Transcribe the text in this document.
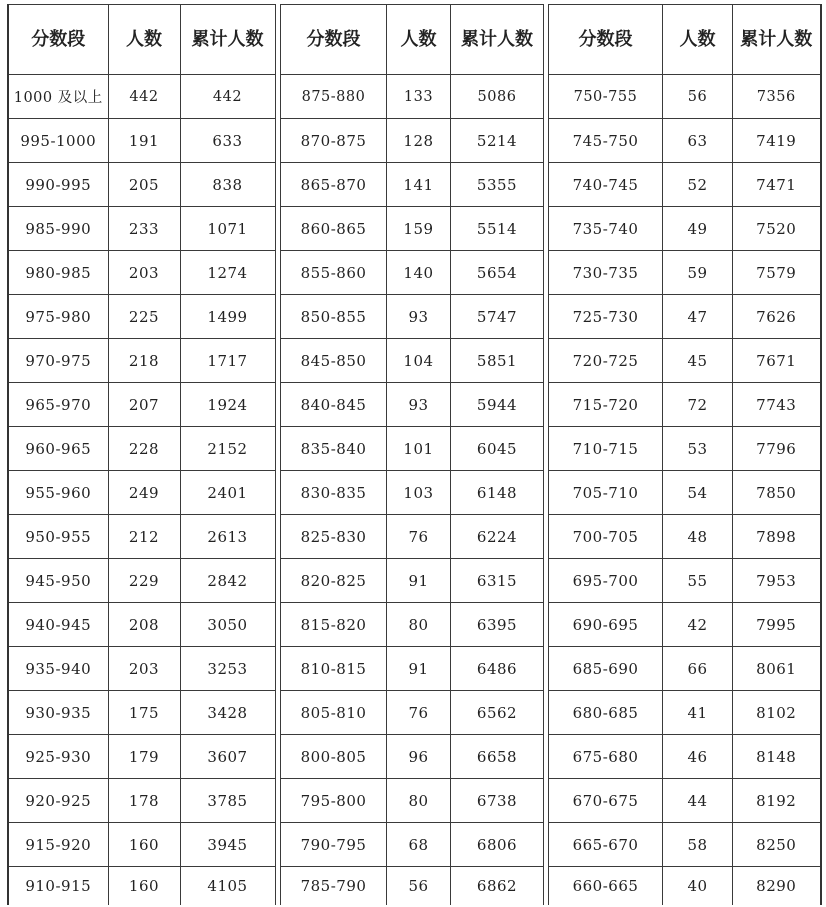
分数段	人数	累计人数
1000 及以上	442	442
995-1000	191	633
990-995	205	838
985-990	233	1071
980-985	203	1274
975-980	225	1499
970-975	218	1717
965-970	207	1924
960-965	228	2152
955-960	249	2401
950-955	212	2613
945-950	229	2842
940-945	208	3050
935-940	203	3253
930-935	175	3428
925-930	179	3607
920-925	178	3785
915-920	160	3945
910-915	160	4105
分数段	人数	累计人数
875-880	133	5086
870-875	128	5214
865-870	141	5355
860-865	159	5514
855-860	140	5654
850-855	93	5747
845-850	104	5851
840-845	93	5944
835-840	101	6045
830-835	103	6148
825-830	76	6224
820-825	91	6315
815-820	80	6395
810-815	91	6486
805-810	76	6562
800-805	96	6658
795-800	80	6738
790-795	68	6806
785-790	56	6862
分数段	人数	累计人数
750-755	56	7356
745-750	63	7419
740-745	52	7471
735-740	49	7520
730-735	59	7579
725-730	47	7626
720-725	45	7671
715-720	72	7743
710-715	53	7796
705-710	54	7850
700-705	48	7898
695-700	55	7953
690-695	42	7995
685-690	66	8061
680-685	41	8102
675-680	46	8148
670-675	44	8192
665-670	58	8250
660-665	40	8290
